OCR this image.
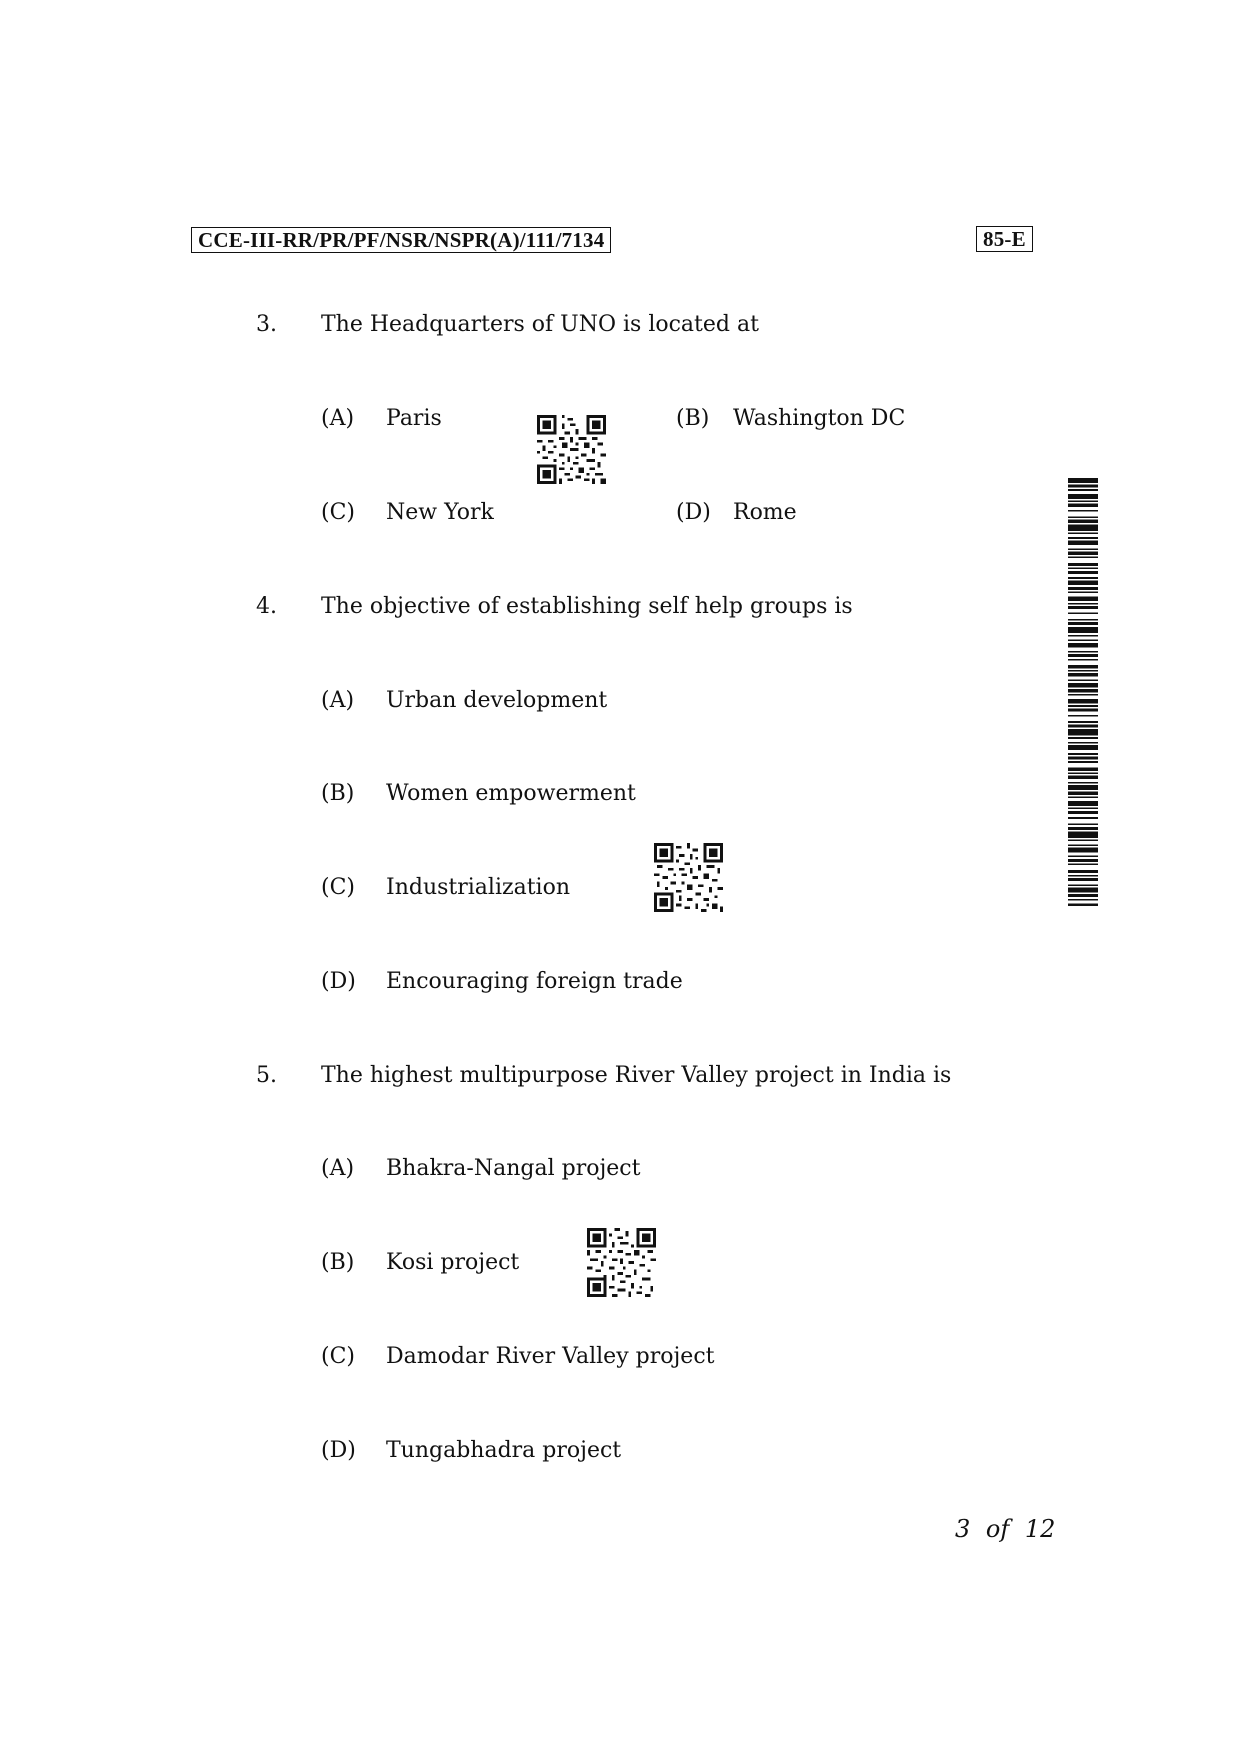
CCE-III-RR/PR/PF/NSR/NSPR(A)/111/7134	85-E
3. The Headquarters of UNO is located at
(A) Paris	(B) Washington DC
(C) New York	(D) Rome
4. The objective of establishing self help groups is
(A) Urban development
(B) Women empowerment
(C) Industrialization
(D) Encouraging foreign trade
5. The highest multipurpose River Valley project in India is
(A) Bhakra-Nangal project
(B) Kosi project
(C) Damodar River Valley project
(D) Tungabhadra project
3 of 12
